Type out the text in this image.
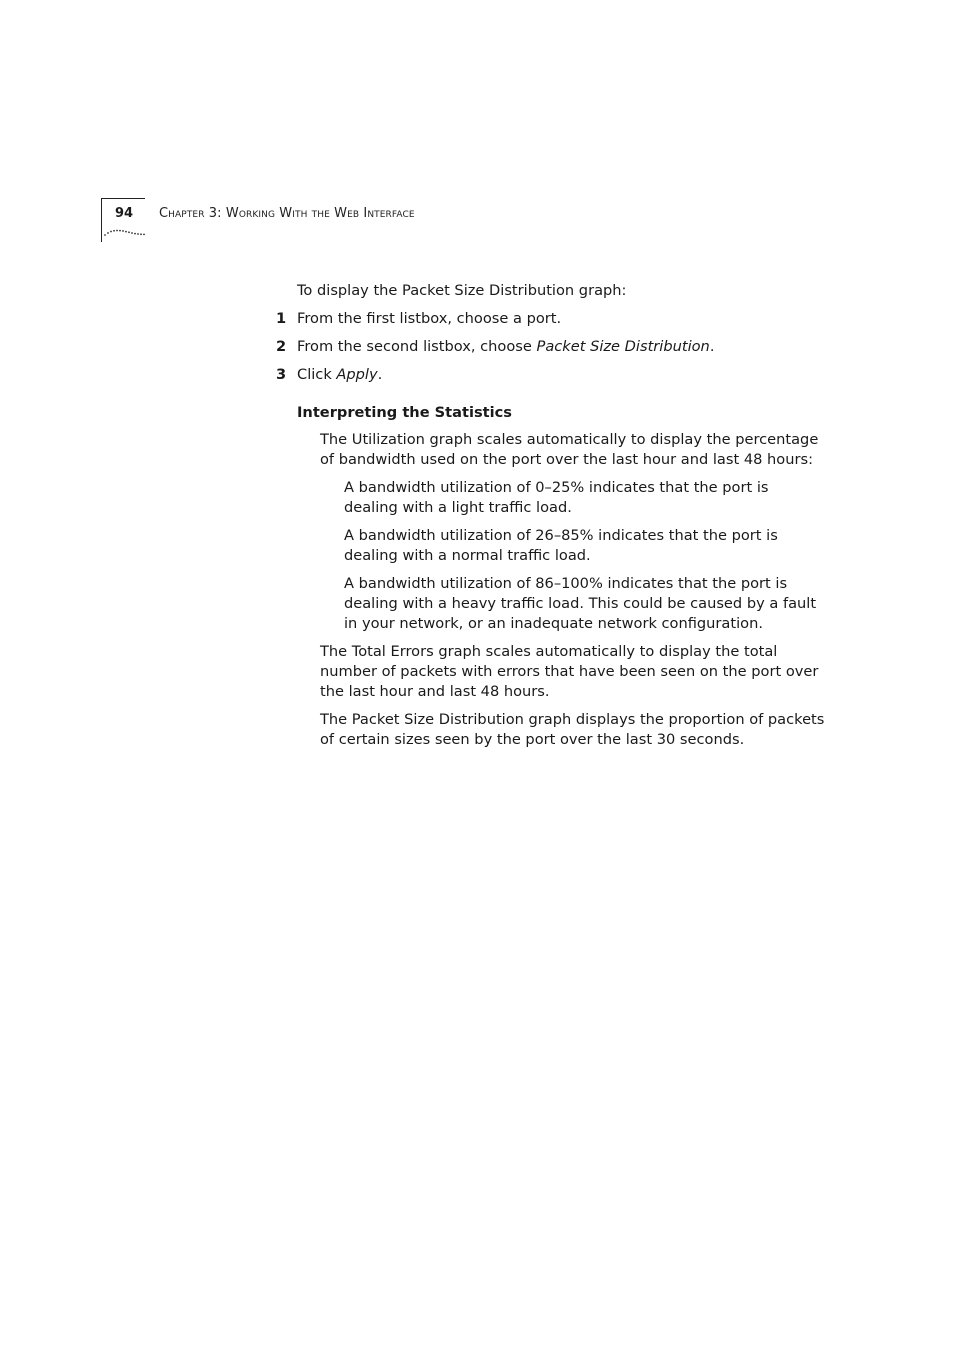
94 Chapter 3: Working With the Web Interface
To display the Packet Size Distribution graph:
1 From the first listbox, choose a port.
2 From the second listbox, choose Packet Size Distribution.
3 Click Apply.
Interpreting the Statistics
The Utilization graph scales automatically to display the percentage of bandwidth used on the port over the last hour and last 48 hours:
A bandwidth utilization of 0–25% indicates that the port is dealing with a light traffic load.
A bandwidth utilization of 26–85% indicates that the port is dealing with a normal traffic load.
A bandwidth utilization of 86–100% indicates that the port is dealing with a heavy traffic load. This could be caused by a fault in your network, or an inadequate network configuration.
The Total Errors graph scales automatically to display the total number of packets with errors that have been seen on the port over the last hour and last 48 hours.
The Packet Size Distribution graph displays the proportion of packets of certain sizes seen by the port over the last 30 seconds.
